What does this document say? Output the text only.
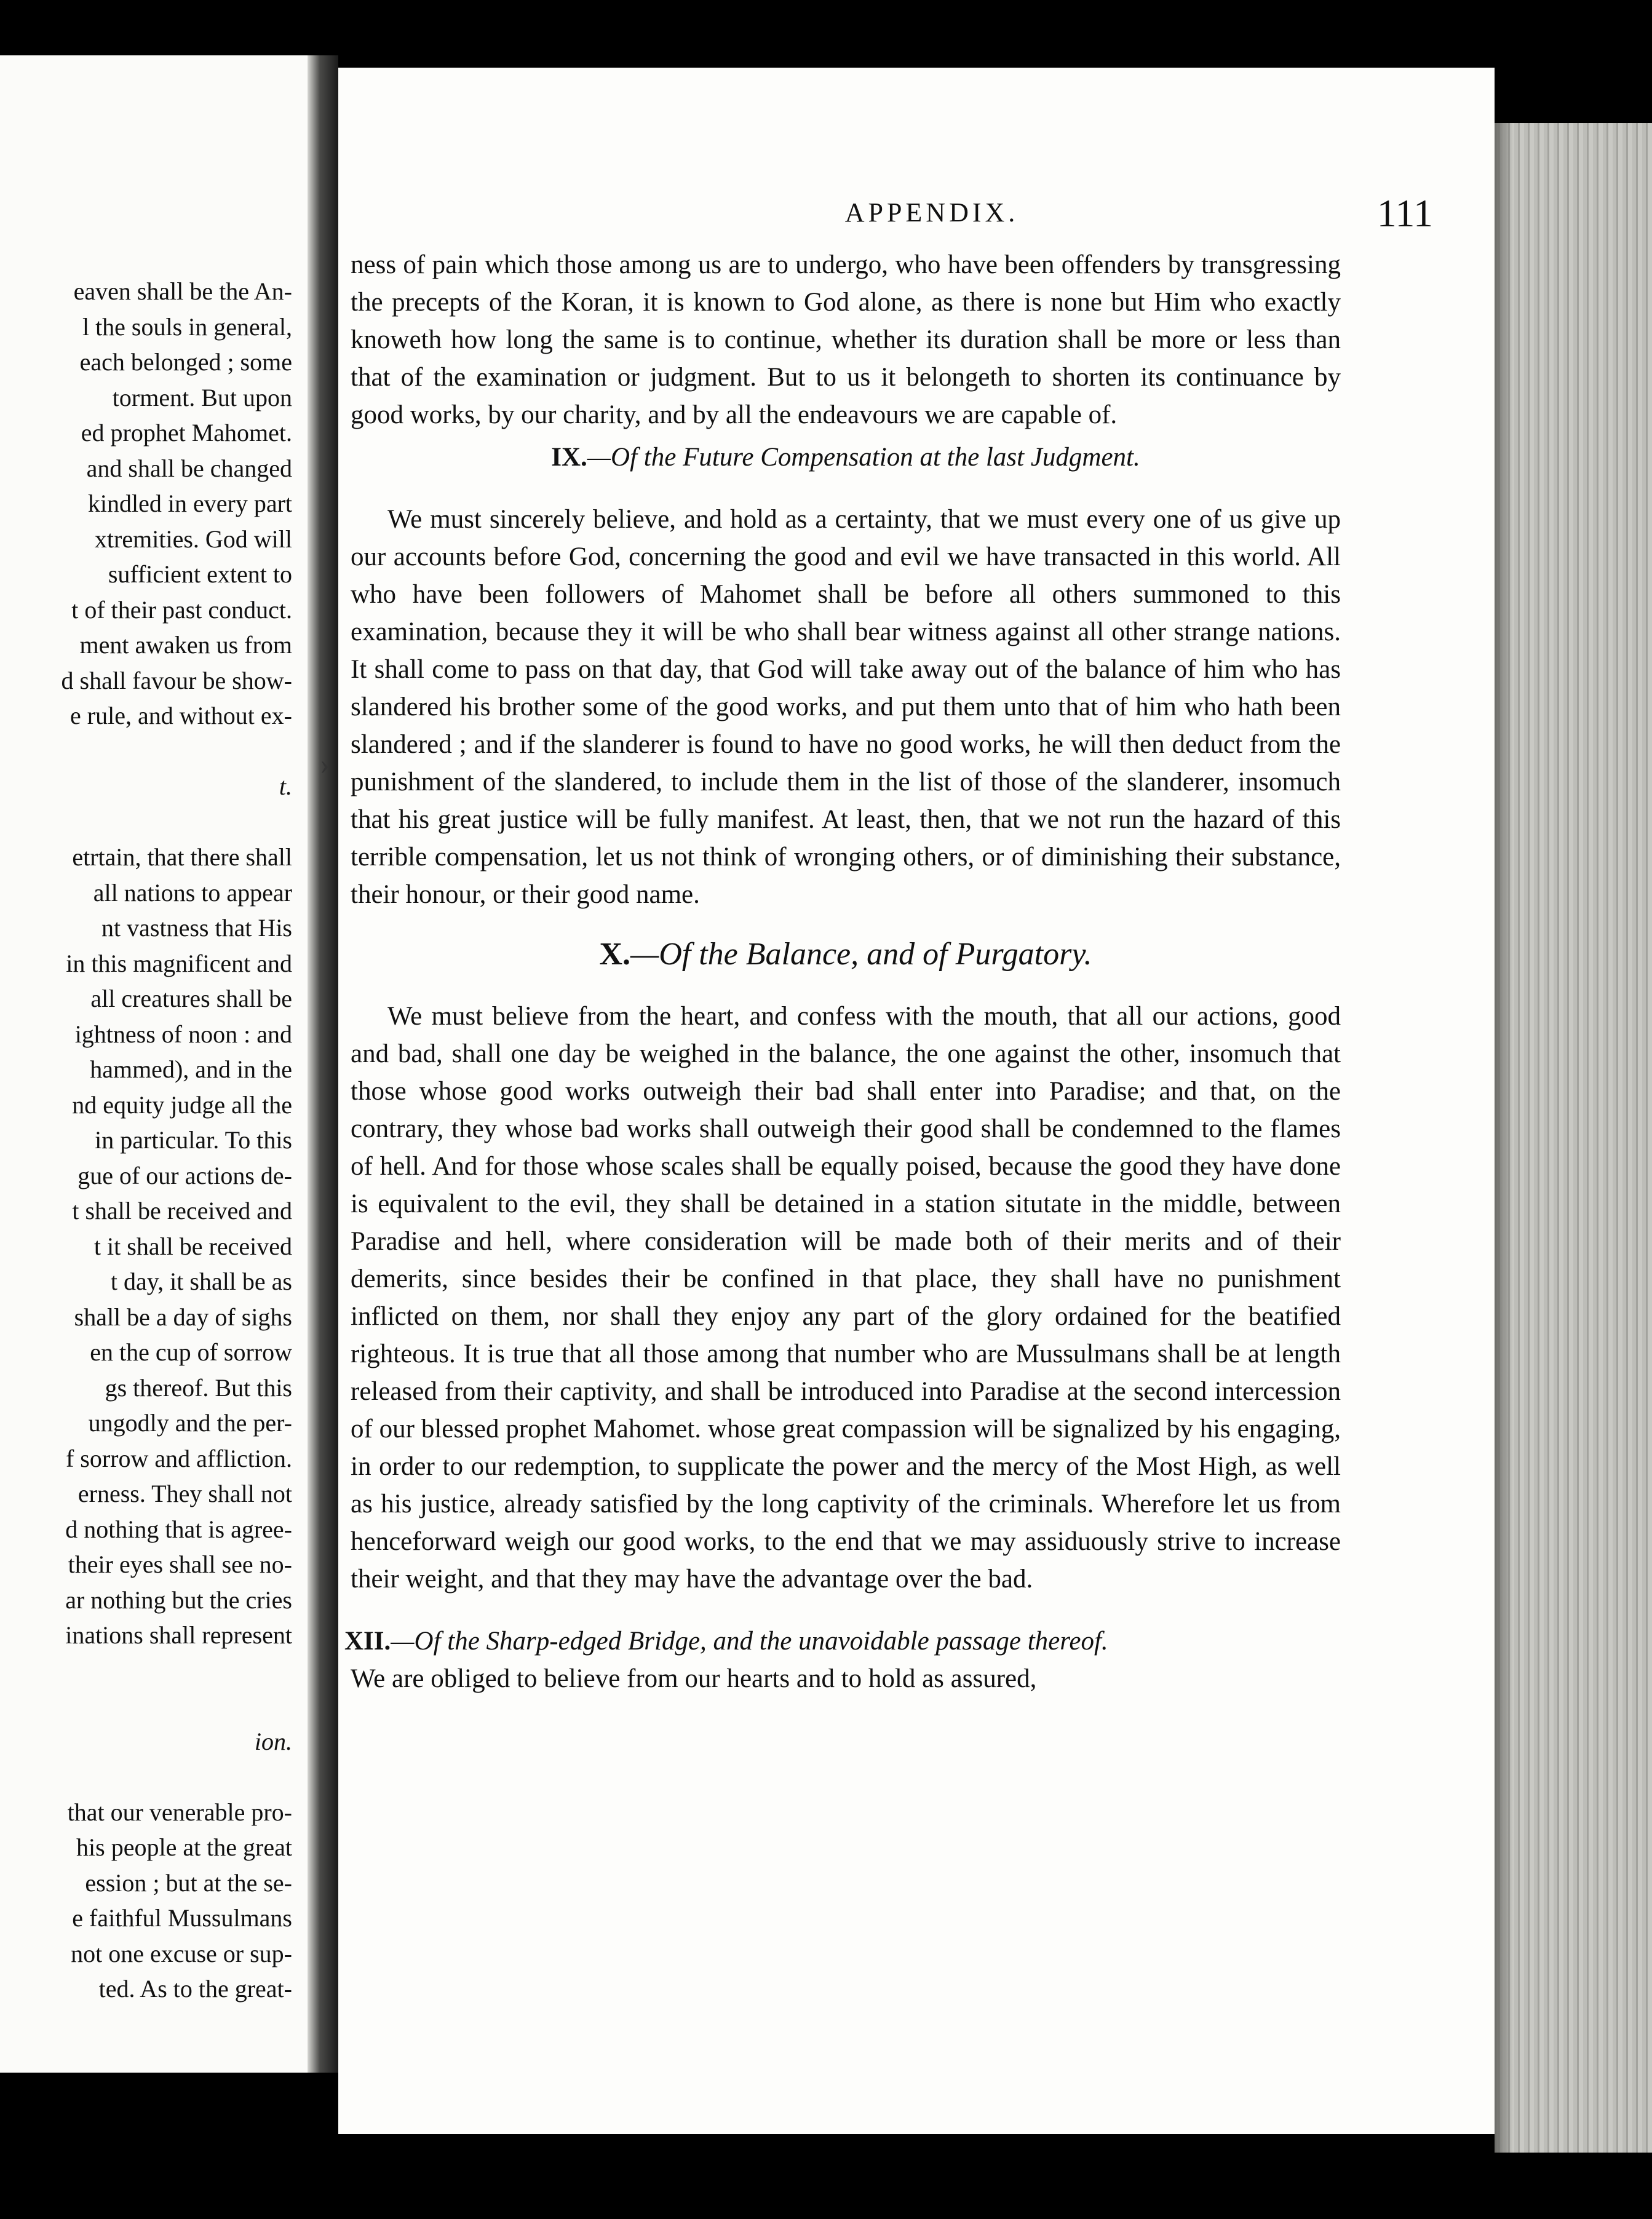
eaven shall be the An-
l the souls in general,
each belonged ; some
torment. But upon
ed prophet Mahomet.
and shall be changed
kindled in every part
xtremities. God will
sufficient extent to
t of their past conduct.
ment awaken us from
d shall favour be show-
e rule, and without ex-
t.
etrtain, that there shall
all nations to appear
nt vastness that His
in this magnificent and
all creatures shall be
ightness of noon : and
hammed), and in the
nd equity judge all the
in particular. To this
gue of our actions de-
t shall be received and
t it shall be received
t day, it shall be as
shall be a day of sighs
en the cup of sorrow
gs thereof. But this
ungodly and the per-
f sorrow and affliction.
erness. They shall not
d nothing that is agree-
their eyes shall see no-
ar nothing but the cries
inations shall represent
ion.
that our venerable pro-
his people at the great
ession ; but at the se-
e faithful Mussulmans
not one excuse or sup-
ted. As to the great-
APPENDIX.	111

ness of pain which those among us are to undergo, who have been offenders by transgressing the precepts of the Koran, it is known to God alone, as there is none but Him who exactly knoweth how long the same is to continue, whether its duration shall be more or less than that of the examination or judgment. But to us it belongeth to shorten its continuance by good works, by our charity, and by all the endeavours we are capable of.

IX.—Of the Future Compensation at the last Judgment.

We must sincerely believe, and hold as a certainty, that we must every one of us give up our accounts before God, concerning the good and evil we have transacted in this world. All who have been followers of Mahomet shall be before all others summoned to this examination, because they it will be who shall bear witness against all other strange nations. It shall come to pass on that day, that God will take away out of the balance of him who has slandered his brother some of the good works, and put them unto that of him who hath been slandered ; and if the slanderer is found to have no good works, he will then deduct from the punishment of the slandered, to include them in the list of those of the slanderer, insomuch that his great justice will be fully manifest. At least, then, that we not run the hazard of this terrible compensation, let us not think of wronging others, or of diminishing their substance, their honour, or their good name.

X.—Of the Balance, and of Purgatory.

We must believe from the heart, and confess with the mouth, that all our actions, good and bad, shall one day be weighed in the balance, the one against the other, insomuch that those whose good works outweigh their bad shall enter into Paradise; and that, on the contrary, they whose bad works shall outweigh their good shall be condemned to the flames of hell. And for those whose scales shall be equally poised, because the good they have done is equivalent to the evil, they shall be detained in a station situtate in the middle, between Paradise and hell, where consideration will be made both of their merits and of their demerits, since besides their be confined in that place, they shall have no punishment inflicted on them, nor shall they enjoy any part of the glory ordained for the beatified righteous. It is true that all those among that number who are Mussulmans shall be at length released from their captivity, and shall be introduced into Paradise at the second intercession of our blessed prophet Mahomet. whose great compassion will be signalized by his engaging, in order to our redemption, to supplicate the power and the mercy of the Most High, as well as his justice, already satisfied by the long captivity of the criminals. Wherefore let us from henceforward weigh our good works, to the end that we may assiduously strive to increase their weight, and that they may have the advantage over the bad.

XII.—Of the Sharp-edged Bridge, and the unavoidable passage thereof.

We are obliged to believe from our hearts and to hold as assured,

›
